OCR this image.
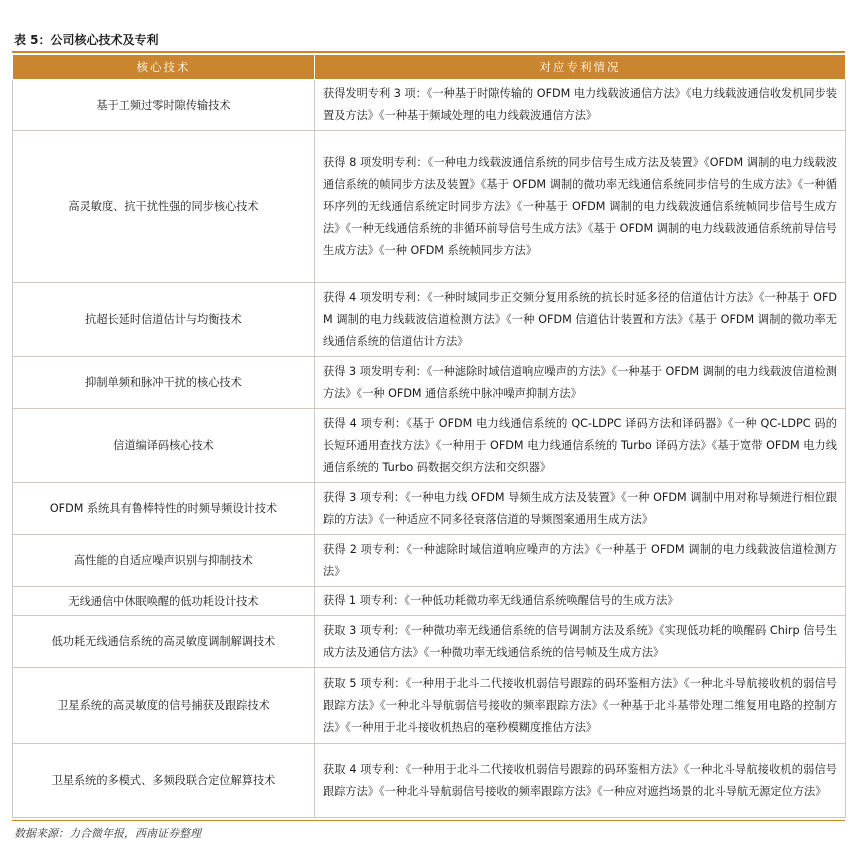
表 5：公司核心技术及专利
核心技术	对应专利情况
基于工频过零时隙传输技术	获得发明专利 3 项：《一种基于时隙传输的 OFDM 电力线载波通信方法》《电力线载波通信收发机同步装置及方法》《一种基于频域处理的电力线载波通信方法》
高灵敏度、抗干扰性强的同步核心技术	获得 8 项发明专利：《一种电力线载波通信系统的同步信号生成方法及装置》《OFDM 调制的电力线载波通信系统的帧同步方法及装置》《基于 OFDM 调制的微功率无线通信系统同步信号的生成方法》《一种循环序列的无线通信系统定时同步方法》《一种基于 OFDM 调制的电力线载波通信系统帧同步信号生成方法》《一种无线通信系统的非循环前导信号生成方法》《基于 OFDM 调制的电力线载波通信系统前导信号生成方法》《一种 OFDM 系统帧同步方法》
抗超长延时信道估计与均衡技术	获得 4 项发明专利：《一种时域同步正交频分复用系统的抗长时延多径的信道估计方法》《一种基于 OFDM 调制的电力线载波信道检测方法》《一种 OFDM 信道估计装置和方法》《基于 OFDM 调制的微功率无线通信系统的信道估计方法》
抑制单频和脉冲干扰的核心技术	获得 3 项发明专利：《一种滤除时域信道响应噪声的方法》《一种基于 OFDM 调制的电力线载波信道检测方法》《一种 OFDM 通信系统中脉冲噪声抑制方法》
信道编译码核心技术	获得 4 项专利：《基于 OFDM 电力线通信系统的 QC-LDPC 译码方法和译码器》《一种 QC-LDPC 码的长短环通用查找方法》《一种用于 OFDM 电力线通信系统的 Turbo 译码方法》《基于宽带 OFDM 电力线通信系统的 Turbo 码数据交织方法和交织器》
OFDM 系统具有鲁棒特性的时频导频设计技术	获得 3 项专利：《一种电力线 OFDM 导频生成方法及装置》《一种 OFDM 调制中用对称导频进行相位跟踪的方法》《一种适应不同多径衰落信道的导频图案通用生成方法》
高性能的自适应噪声识别与抑制技术	获得 2 项专利：《一种滤除时域信道响应噪声的方法》《一种基于 OFDM 调制的电力线载波信道检测方法》
无线通信中休眠唤醒的低功耗设计技术	获得 1 项专利：《一种低功耗微功率无线通信系统唤醒信号的生成方法》
低功耗无线通信系统的高灵敏度调制解调技术	获取 3 项专利：《一种微功率无线通信系统的信号调制方法及系统》《实现低功耗的唤醒码 Chirp 信号生成方法及通信方法》《一种微功率无线通信系统的信号帧及生成方法》
卫星系统的高灵敏度的信号捕获及跟踪技术	获取 5 项专利：《一种用于北斗二代接收机弱信号跟踪的码环鉴相方法》《一种北斗导航接收机的弱信号跟踪方法》《一种北斗导航弱信号接收的频率跟踪方法》《一种基于北斗基带处理二维复用电路的控制方法》《一种用于北斗接收机热启的毫秒模糊度推估方法》
卫星系统的多模式、多频段联合定位解算技术	获取 4 项专利：《一种用于北斗二代接收机弱信号跟踪的码环鉴相方法》《一种北斗导航接收机的弱信号跟踪方法》《一种北斗导航弱信号接收的频率跟踪方法》《一种应对遮挡场景的北斗导航无源定位方法》
数据来源：力合微年报，西南证券整理
